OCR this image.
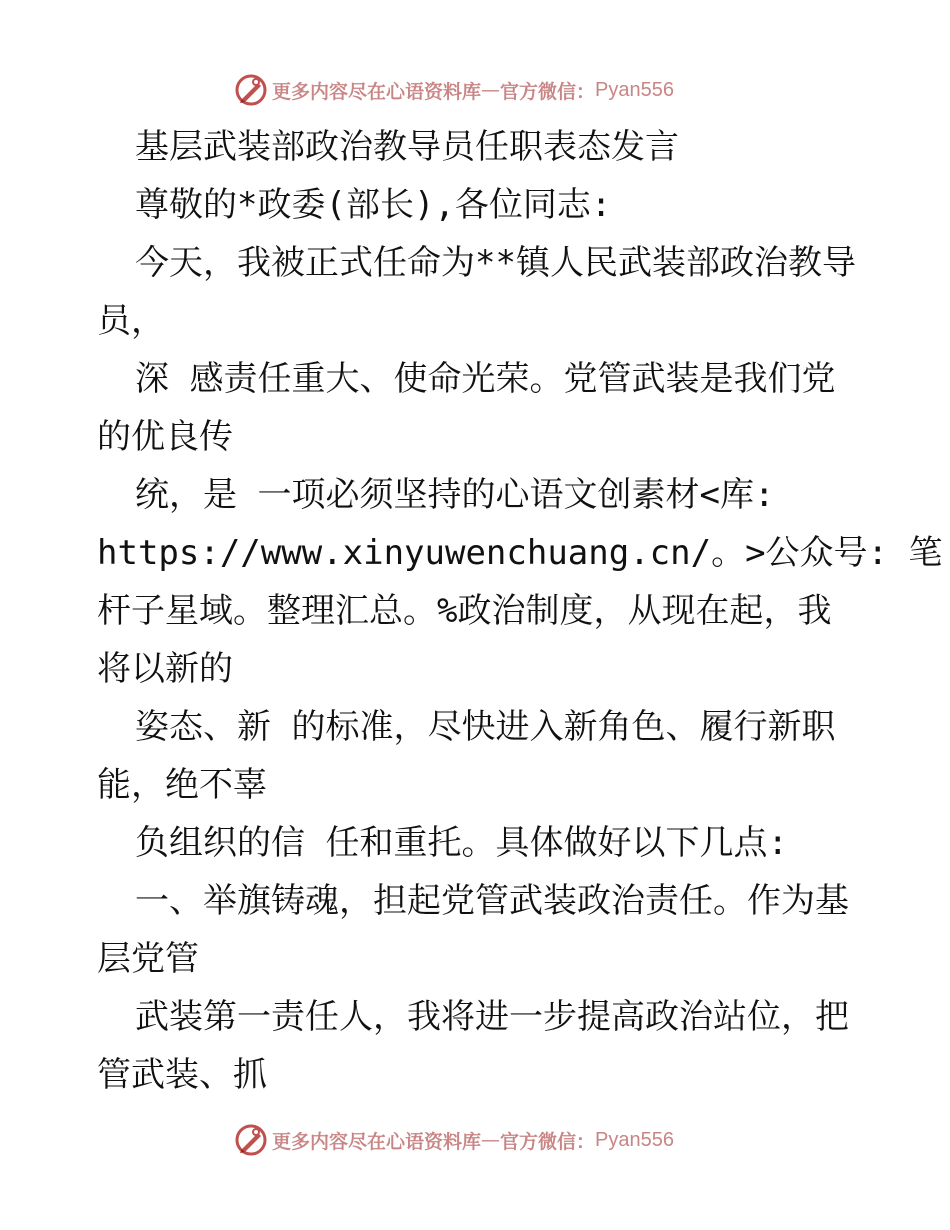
更多内容尽在心语资料库 — 官方微信： Pyan556
基层武装部政治教导员任职表态发言
尊敬的*政委(部长),各位同志:
今天，我被正式任命为**镇人民武装部政治教导
员，
深 感责任重大、使命光荣。党管武装是我们党
的优良传
统，是 一项必须坚持的心语文创素材<库:
https://www.xinyuwenchuang.cn/。>公众号: 笔
杆子星域。整理汇总。%政治制度，从现在起，我
将以新的
姿态、新 的标准，尽快进入新角色、履行新职
能，绝不辜
负组织的信 任和重托。具体做好以下几点:
一、举旗铸魂，担起党管武装政治责任。作为基
层党管
武装第一责任人，我将进一步提高政治站位，把
管武装、抓
更多内容尽在心语资料库 — 官方微信： Pyan556
